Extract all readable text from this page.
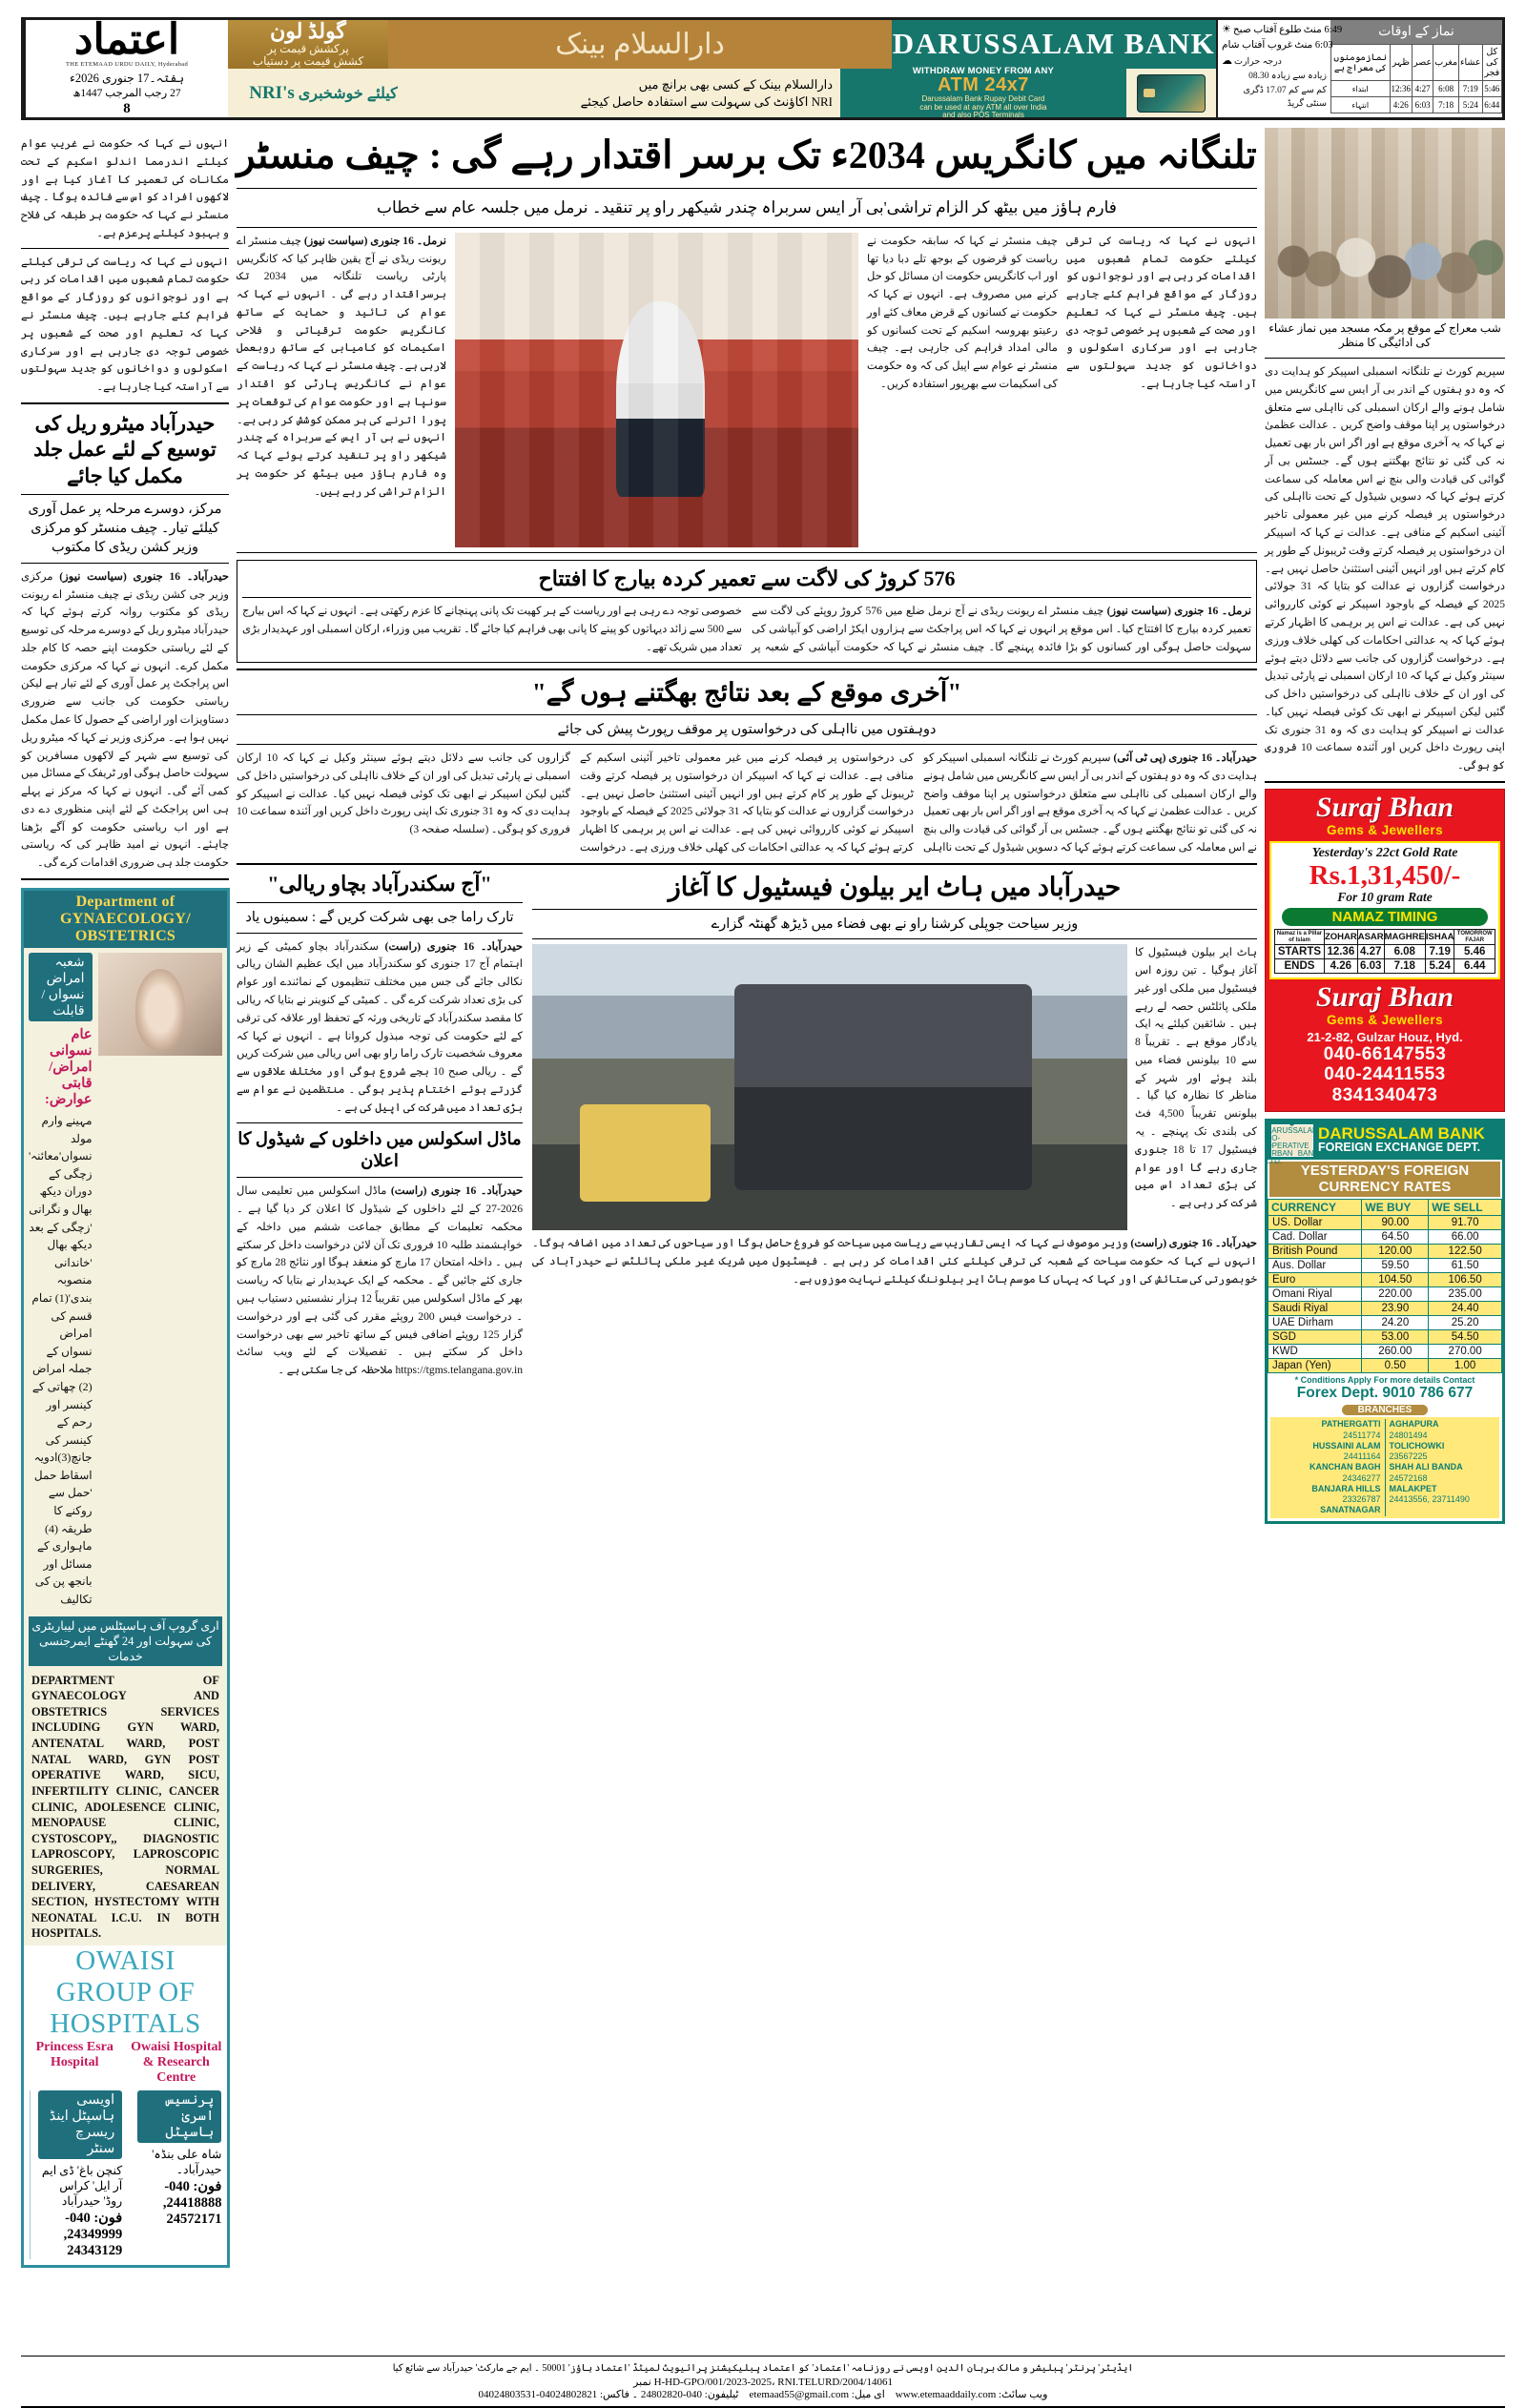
اعتماد
THE ETEMAAD URDU DAILY, Hyderabad
ہفتہ۔17 جنوری 2026ء
27 رجب المرجب 1447ھ
8
گولڈ لون
پرکشش قیمت پر
کشش قیمت پر دستیاب
دارالسلام بینک	DARUSSALAM BANK
کیلئے خوشخبری
NRI's	دارالسلام بینک کے کسی بھی برانچ میں
NRI اکاؤنٹ کی سہولت سے استفادہ حاصل کیجئے
WITHDRAW MONEY FROM ANY
ATM 24x7
Darussalam Bank Rupay Debit Card
can be used at any ATM all over India
and also POS Terminals
☀ طلوع آفتاب صبح 6:49 منٹ
غروب آفتاب شام 6:03 منٹ
☁ درجہ حرارت
زیادہ سے زیادہ 08.30
کم سے کم 17.07 ڈگری سنٹی گریڈ
نماز کے اوقات
کل کی فجر	عشاء	مغرب	عصر	ظہر	نمازمومنوں کی معراج ہے
5:46	7:19	6:08	4:27	12:36	ابتداء
6:44	5:24	7:18	6:03	4:26	انتہاء
انہوں نے کہا کہ حکومت نے غریب عوام کیلئے اندرمما اندلو اسکیم کے تحت مکانات کی تعمیر کا آغاز کیا ہے اور لاکھوں افراد کو اس سے فائدہ ہوگا ۔ چیف منسٹر نے کہا کہ حکومت ہر طبقہ کی فلاح و بہبود کیلئے پرعزم ہے۔
انہوں نے کہا کہ ریاست کی ترقی کیلئے حکومت تمام شعبوں میں اقدامات کر رہی ہے اور نوجوانوں کو روزگار کے مواقع فراہم کئے جارہے ہیں۔ چیف منسٹر نے کہا کہ تعلیم اور صحت کے شعبوں پر خصوصی توجہ دی جارہی ہے اور سرکاری اسکولوں و دواخانوں کو جدید سہولتوں سے آراستہ کیا جارہا ہے۔
حیدرآباد میٹرو ریل کی توسیع کے لئے عمل جلد مکمل کیا جائے
مرکز، دوسرے مرحلہ پر عمل آوری کیلئے تیار۔ چیف منسٹر کو مرکزی وزیر کشن ریڈی کا مکتوب
حیدرآباد۔ 16 جنوری (سیاست نیوز) مرکزی وزیر جی کشن ریڈی نے چیف منسٹر اے ریونت ریڈی کو مکتوب روانہ کرتے ہوئے کہا کہ حیدرآباد میٹرو ریل کے دوسرے مرحلہ کی توسیع کے لئے ریاستی حکومت اپنے حصہ کا کام جلد مکمل کرے۔ انہوں نے کہا کہ مرکزی حکومت اس پراجکٹ پر عمل آوری کے لئے تیار ہے لیکن ریاستی حکومت کی جانب سے ضروری دستاویزات اور اراضی کے حصول کا عمل مکمل نہیں ہوا ہے۔ مرکزی وزیر نے کہا کہ میٹرو ریل کی توسیع سے شہر کے لاکھوں مسافرین کو سہولت حاصل ہوگی اور ٹریفک کے مسائل میں کمی آئے گی۔ انہوں نے کہا کہ مرکز نے پہلے ہی اس پراجکٹ کے لئے اپنی منظوری دے دی ہے اور اب ریاستی حکومت کو آگے بڑھنا چاہئے۔ انہوں نے امید ظاہر کی کہ ریاستی حکومت جلد ہی ضروری اقدامات کرے گی۔
Department of GYNAECOLOGY/ OBSTETRICS
شعبہ امراض نسواں / قابلت
عام نسوانی امراض/ قابتی عوارض:
مہینے وارم مولد نسواں'معائنہ' زچگی کے دوران دیکھ بھال و نگرانی 'زچگی کے بعد دیکھ بھال 'خاندانی منصوبہ بندی'(1) تمام قسم کی امراض نسواں کے جملہ امراض (2) چھاتی کے کینسر اور رحم کے کینسر کی جانچ(3)ادویہ اسقاط حمل 'حمل سے روکنے کا طریقہ (4) ماہواری کے مسائل اور بانجھ پن کی تکالیف
اری گروپ آف ہاسپٹلس میں لیباریٹری کی سہولت اور 24 گھنٹے ایمرجنسی خدمات
DEPARTMENT OF GYNAECOLOGY AND OBSTETRICS SERVICES INCLUDING GYN WARD, ANTENATAL WARD, POST NATAL WARD, GYN POST OPERATIVE WARD, SICU, INFERTILITY CLINIC, CANCER CLINIC, ADOLESENCE CLINIC, MENOPAUSE CLINIC, CYSTOSCOPY,, DIAGNOSTIC LAPROSCOPY, LAPROSCOPIC SURGERIES, NORMAL DELIVERY, CAESAREAN SECTION, HYSTECTOMY WITH NEONATAL I.C.U. IN BOTH HOSPITALS.
OWAISI GROUP OF HOSPITALS
Princess Esra Hospital
Owaisi Hospital & Research Centre
اویسی ہاسپٹل اینڈ ریسرچ سنٹر
کنچن باغ' ڈی ایم آر ایل' کراس روڈ' حیدرآباد
فون: 040-24349999, 24343129
پرنسیس اسریٰ ہاسپٹل
شاہ علی بنڈہ' حیدرآباد۔
فون: 040-24418888, 24572171
تلنگانہ میں کانگریس 2034ء تک برسر اقتدار رہے گی : چیف منسٹر
فارم ہاؤز میں بیٹھ کر الزام تراشی'بی آر ایس سربراہ چندر شیکھر راو پر تنقید۔ نرمل میں جلسہ عام سے خطاب
نرمل۔ 16 جنوری (سیاست نیوز) چیف منسٹر اے ریونت ریڈی نے آج یقین ظاہر کیا کہ کانگریس پارٹی ریاست تلنگانہ میں 2034 تک برسراقتدار رہے گی ۔ انہوں نے کہا کہ عوام کی تائید و حمایت کے ساتھ کانگریس حکومت ترقیاتی و فلاحی اسکیمات کو کامیابی کے ساتھ روبعمل لارہی ہے۔ چیف منسٹر نے کہا کہ ریاست کے عوام نے کانگریس پارٹی کو اقتدار سونپا ہے اور حکومت عوام کی توقعات پر پورا اترنے کی ہر ممکن کوشش کر رہی ہے۔ انہوں نے بی آر ایس کے سربراہ کے چندر شیکھر راو پر تنقید کرتے ہوئے کہا کہ وہ فارم ہاؤز میں بیٹھ کر حکومت پر الزام تراشی کر رہے ہیں۔
چیف منسٹر نے کہا کہ سابقہ حکومت نے ریاست کو قرضوں کے بوجھ تلے دبا دیا تھا اور اب کانگریس حکومت ان مسائل کو حل کرنے میں مصروف ہے۔ انہوں نے کہا کہ حکومت نے کسانوں کے قرض معاف کئے اور رعیتو بھروسہ اسکیم کے تحت کسانوں کو مالی امداد فراہم کی جارہی ہے۔ چیف منسٹر نے عوام سے اپیل کی کہ وہ حکومت کی اسکیمات سے بھرپور استفادہ کریں۔
انہوں نے کہا کہ ریاست کی ترقی کیلئے حکومت تمام شعبوں میں اقدامات کر رہی ہے اور نوجوانوں کو روزگار کے مواقع فراہم کئے جارہے ہیں۔ چیف منسٹر نے کہا کہ تعلیم اور صحت کے شعبوں پر خصوصی توجہ دی جارہی ہے اور سرکاری اسکولوں و دواخانوں کو جدید سہولتوں سے آراستہ کیا جارہا ہے۔
576 کروڑ کی لاگت سے تعمیر کردہ بیارج کا افتتاح
نرمل۔ 16 جنوری (سیاست نیوز) چیف منسٹر اے ریونت ریڈی نے آج نرمل ضلع میں 576 کروڑ روپئے کی لاگت سے تعمیر کردہ بیارج کا افتتاح کیا۔ اس موقع پر انہوں نے کہا کہ اس پراجکٹ سے ہزاروں ایکڑ اراضی کو آبپاشی کی سہولت حاصل ہوگی اور کسانوں کو بڑا فائدہ پہنچے گا۔ چیف منسٹر نے کہا کہ حکومت آبپاشی کے شعبہ پر خصوصی توجہ دے رہی ہے اور ریاست کے ہر کھیت تک پانی پہنچانے کا عزم رکھتی ہے۔ انہوں نے کہا کہ اس بیارج سے 500 سے زائد دیہاتوں کو پینے کا پانی بھی فراہم کیا جائے گا۔ تقریب میں وزراء، ارکان اسمبلی اور عہدیدار بڑی تعداد میں شریک تھے۔
"آخری موقع کے بعد نتائج بھگتنے ہوں گے"
دوہفتوں میں نااہلی کی درخواستوں پر موقف رپورٹ پیش کی جائے
حیدرآباد۔ 16 جنوری (پی ٹی آئی) سپریم کورٹ نے تلنگانہ اسمبلی اسپیکر کو ہدایت دی کہ وہ دو ہفتوں کے اندر بی آر ایس سے کانگریس میں شامل ہونے والے ارکان اسمبلی کی نااہلی سے متعلق درخواستوں پر اپنا موقف واضح کریں ۔ عدالت عظمیٰ نے کہا کہ یہ آخری موقع ہے اور اگر اس بار بھی تعمیل نہ کی گئی تو نتائج بھگتنے ہوں گے۔ جسٹس بی آر گوائی کی قیادت والی بنچ نے اس معاملہ کی سماعت کرتے ہوئے کہا کہ دسویں شیڈول کے تحت نااہلی کی درخواستوں پر فیصلہ کرنے میں غیر معمولی تاخیر آئینی اسکیم کے منافی ہے۔ عدالت نے کہا کہ اسپیکر ان درخواستوں پر فیصلہ کرتے وقت ٹریبونل کے طور پر کام کرتے ہیں اور انہیں آئینی استثنیٰ حاصل نہیں ہے۔ درخواست گزاروں نے عدالت کو بتایا کہ 31 جولائی 2025 کے فیصلہ کے باوجود اسپیکر نے کوئی کارروائی نہیں کی ہے۔ عدالت نے اس پر برہمی کا اظہار کرتے ہوئے کہا کہ یہ عدالتی احکامات کی کھلی خلاف ورزی ہے۔ درخواست گزاروں کی جانب سے دلائل دیتے ہوئے سینئر وکیل نے کہا کہ 10 ارکان اسمبلی نے پارٹی تبدیل کی اور ان کے خلاف نااہلی کی درخواستیں داخل کی گئیں لیکن اسپیکر نے ابھی تک کوئی فیصلہ نہیں کیا۔ عدالت نے اسپیکر کو ہدایت دی کہ وہ 31 جنوری تک اپنی رپورٹ داخل کریں اور آئندہ سماعت 10 فروری کو ہوگی۔ (سلسلہ صفحہ 3)
"آج سکندرآباد بچاو ریالی"
تارک راما جی بھی شرکت کریں گے : سمینوں یاد
حیدرآباد۔ 16 جنوری (راست) سکندرآباد بچاو کمیٹی کے زیر اہتمام آج 17 جنوری کو سکندرآباد میں ایک عظیم الشان ریالی نکالی جائے گی جس میں مختلف تنظیموں کے نمائندے اور عوام کی بڑی تعداد شرکت کرے گی ۔ کمیٹی کے کنوینر نے بتایا کہ ریالی کا مقصد سکندرآباد کے تاریخی ورثہ کے تحفظ اور علاقہ کی ترقی کے لئے حکومت کی توجہ مبذول کروانا ہے ۔ انہوں نے کہا کہ معروف شخصیت تارک راما راو بھی اس ریالی میں شرکت کریں گے ۔ ریالی صبح 10 بجے شروع ہوگی اور مختلف علاقوں سے گزرتے ہوئے اختتام پذیر ہوگی ۔ منتظمین نے عوام سے بڑی تعداد میں شرکت کی اپیل کی ہے ۔
ماڈل اسکولس میں داخلوں کے شیڈول کا اعلان
حیدرآباد۔ 16 جنوری (راست) ماڈل اسکولس میں تعلیمی سال 2026-27 کے لئے داخلوں کے شیڈول کا اعلان کر دیا گیا ہے ۔ محکمہ تعلیمات کے مطابق جماعت ششم میں داخلہ کے خواہشمند طلبہ 10 فروری تک آن لائن درخواست داخل کر سکتے ہیں ۔ داخلہ امتحان 17 مارچ کو منعقد ہوگا اور نتائج 28 مارچ کو جاری کئے جائیں گے ۔ محکمہ کے ایک عہدیدار نے بتایا کہ ریاست بھر کے ماڈل اسکولس میں تقریباً 12 ہزار نشستیں دستیاب ہیں ۔ درخواست فیس 200 روپئے مقرر کی گئی ہے اور درخواست گزار 125 روپئے اضافی فیس کے ساتھ تاخیر سے بھی درخواست داخل کر سکتے ہیں ۔ تفصیلات کے لئے ویب سائٹ https://tgms.telangana.gov.in ملاحظہ کی جا سکتی ہے ۔
حیدرآباد میں ہاٹ ایر بیلون فیسٹیول کا آغاز
وزیر سیاحت جوپلی کرشنا راو نے بھی فضاء میں ڈیڑھ گھنٹہ گزارے
ہاٹ ایر بیلون فیسٹیول کا آغاز ہوگیا ۔ تین روزہ اس فیسٹیول میں ملکی اور غیر ملکی پائلٹس حصہ لے رہے ہیں ۔ شائقین کیلئے یہ ایک یادگار موقع ہے ۔ تقریباً 8 سے 10 بیلونس فضاء میں بلند ہوئے اور شہر کے مناظر کا نظارہ کیا گیا ۔ بیلونس تقریباً 4,500 فٹ کی بلندی تک پہنچے ۔ یہ فیسٹیول 17 تا 18 جنوری جاری رہے گا اور عوام کی بڑی تعداد اس میں شرکت کر رہی ہے ۔
حیدرآباد۔ 16 جنوری (راست) وزیر موصوف نے کہا کہ ایسی تقاریب سے ریاست میں سیاحت کو فروغ حاصل ہوگا اور سیاحوں کی تعداد میں اضافہ ہوگا۔ انہوں نے کہا کہ حکومت سیاحت کے شعبہ کی ترقی کیلئے کئی اقدامات کر رہی ہے ۔ فیسٹیول میں شریک غیر ملکی پائلٹس نے حیدرآباد کی خوبصورتی کی ستائش کی اور کہا کہ یہاں کا موسم ہاٹ ایر بیلوننگ کیلئے نہایت موزوں ہے۔
شب معراج کے موقع پر مکہ مسجد میں نماز عشاء کی ادائیگی کا منظر
سپریم کورٹ نے تلنگانہ اسمبلی اسپیکر کو ہدایت دی کہ وہ دو ہفتوں کے اندر بی آر ایس سے کانگریس میں شامل ہونے والے ارکان اسمبلی کی نااہلی سے متعلق درخواستوں پر اپنا موقف واضح کریں ۔ عدالت عظمیٰ نے کہا کہ یہ آخری موقع ہے اور اگر اس بار بھی تعمیل نہ کی گئی تو نتائج بھگتنے ہوں گے۔ جسٹس بی آر گوائی کی قیادت والی بنچ نے اس معاملہ کی سماعت کرتے ہوئے کہا کہ دسویں شیڈول کے تحت نااہلی کی درخواستوں پر فیصلہ کرنے میں غیر معمولی تاخیر آئینی اسکیم کے منافی ہے۔ عدالت نے کہا کہ اسپیکر ان درخواستوں پر فیصلہ کرتے وقت ٹریبونل کے طور پر کام کرتے ہیں اور انہیں آئینی استثنیٰ حاصل نہیں ہے۔ درخواست گزاروں نے عدالت کو بتایا کہ 31 جولائی 2025 کے فیصلہ کے باوجود اسپیکر نے کوئی کارروائی نہیں کی ہے۔ عدالت نے اس پر برہمی کا اظہار کرتے ہوئے کہا کہ یہ عدالتی احکامات کی کھلی خلاف ورزی ہے۔ درخواست گزاروں کی جانب سے دلائل دیتے ہوئے سینئر وکیل نے کہا کہ 10 ارکان اسمبلی نے پارٹی تبدیل کی اور ان کے خلاف نااہلی کی درخواستیں داخل کی گئیں لیکن اسپیکر نے ابھی تک کوئی فیصلہ نہیں کیا۔ عدالت نے اسپیکر کو ہدایت دی کہ وہ 31 جنوری تک اپنی رپورٹ داخل کریں اور آئندہ سماعت 10 فروری کو ہوگی۔
Suraj Bhan
Gems & Jewellers
Yesterday's 22ct Gold Rate
Rs.1,31,450/-
For 10 gram Rate
NAMAZ TIMING
Namaz is a Pillar of Islam	ZOHAR	ASAR	MAGHRE	ISHAA	TOMORROW FAJAR
STARTS	12.36	4.27	6.08	7.19	5.46
ENDS	4.26	6.03	7.18	5.24	6.44
Suraj Bhan
Gems & Jewellers
21-2-82, Gulzar Houz, Hyd.
040-66147553
040-24411553
8341340473
د
DARUSSALAM CO-OPERATIVE URBAN BANK LTD.
DARUSSALAM BANK
FOREIGN EXCHANGE DEPT.
YESTERDAY'S FOREIGN
CURRENCY RATES
CURRENCY	WE BUY	WE SELL
US. Dollar	90.00	91.70
Cad. Dollar	64.50	66.00
British Pound	120.00	122.50
Aus. Dollar	59.50	61.50
Euro	104.50	106.50
Omani Riyal	220.00	235.00
Saudi Riyal	23.90	24.40
UAE Dirham	24.20	25.20
SGD	53.00	54.50
KWD	260.00	270.00
Japan (Yen)	0.50	1.00
* Conditions Apply For more details Contact
Forex Dept. 9010 786 677
BRANCHES
PATHERGATTI
24511774
HUSSAINI ALAM
24411164
KANCHAN BAGH
24346277
BANJARA HILLS
23326787
SANATNAGAR
AGHAPURA
24801494
TOLICHOWKI
23567225
SHAH ALI BANDA
24572168
MALAKPET
24413556, 23711490
ایڈیٹر' پرنٹر' پبلیشر و مالک برہان الدین اویسی نے روزنامہ 'اعتماد' کو اعتماد پبلیکیشنز پرائیویٹ لمیٹڈ 'اعتماد ہاؤز' 50001 ۔ ایم جے مارکٹ' حیدرآباد سے شائع کیا
H-HD-GPO/001/2023-2025، RNI.TELURD/2004/14061 نمبر
ویب سائٹ: www.etemaaddaily.com    ای میل: etemaad55@gmail.com    ٹیلیفون: 040-24802820 ۔ فاکس: 04024802821-04024803531
